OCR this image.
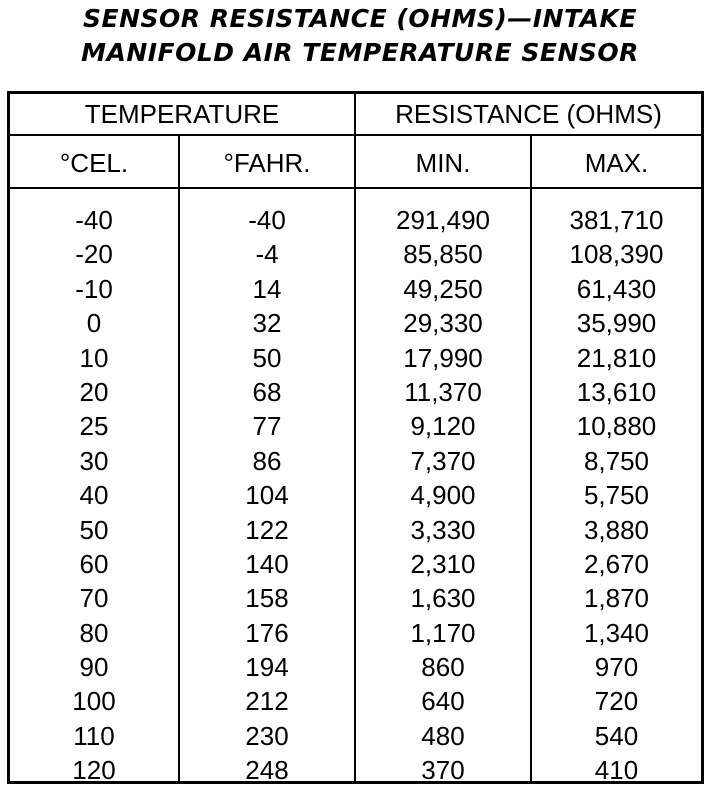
SENSOR RESISTANCE (OHMS)—INTAKE
MANIFOLD AIR TEMPERATURE SENSOR
TEMPERATURE	RESISTANCE (OHMS)
°CEL.	°FAHR.	MIN.	MAX.
-40	-40	291,490	381,710
-20	-4	85,850	108,390
-10	14	49,250	61,430
0	32	29,330	35,990
10	50	17,990	21,810
20	68	11,370	13,610
25	77	9,120	10,880
30	86	7,370	8,750
40	104	4,900	5,750
50	122	3,330	3,880
60	140	2,310	2,670
70	158	1,630	1,870
80	176	1,170	1,340
90	194	860	970
100	212	640	720
110	230	480	540
120	248	370	410
